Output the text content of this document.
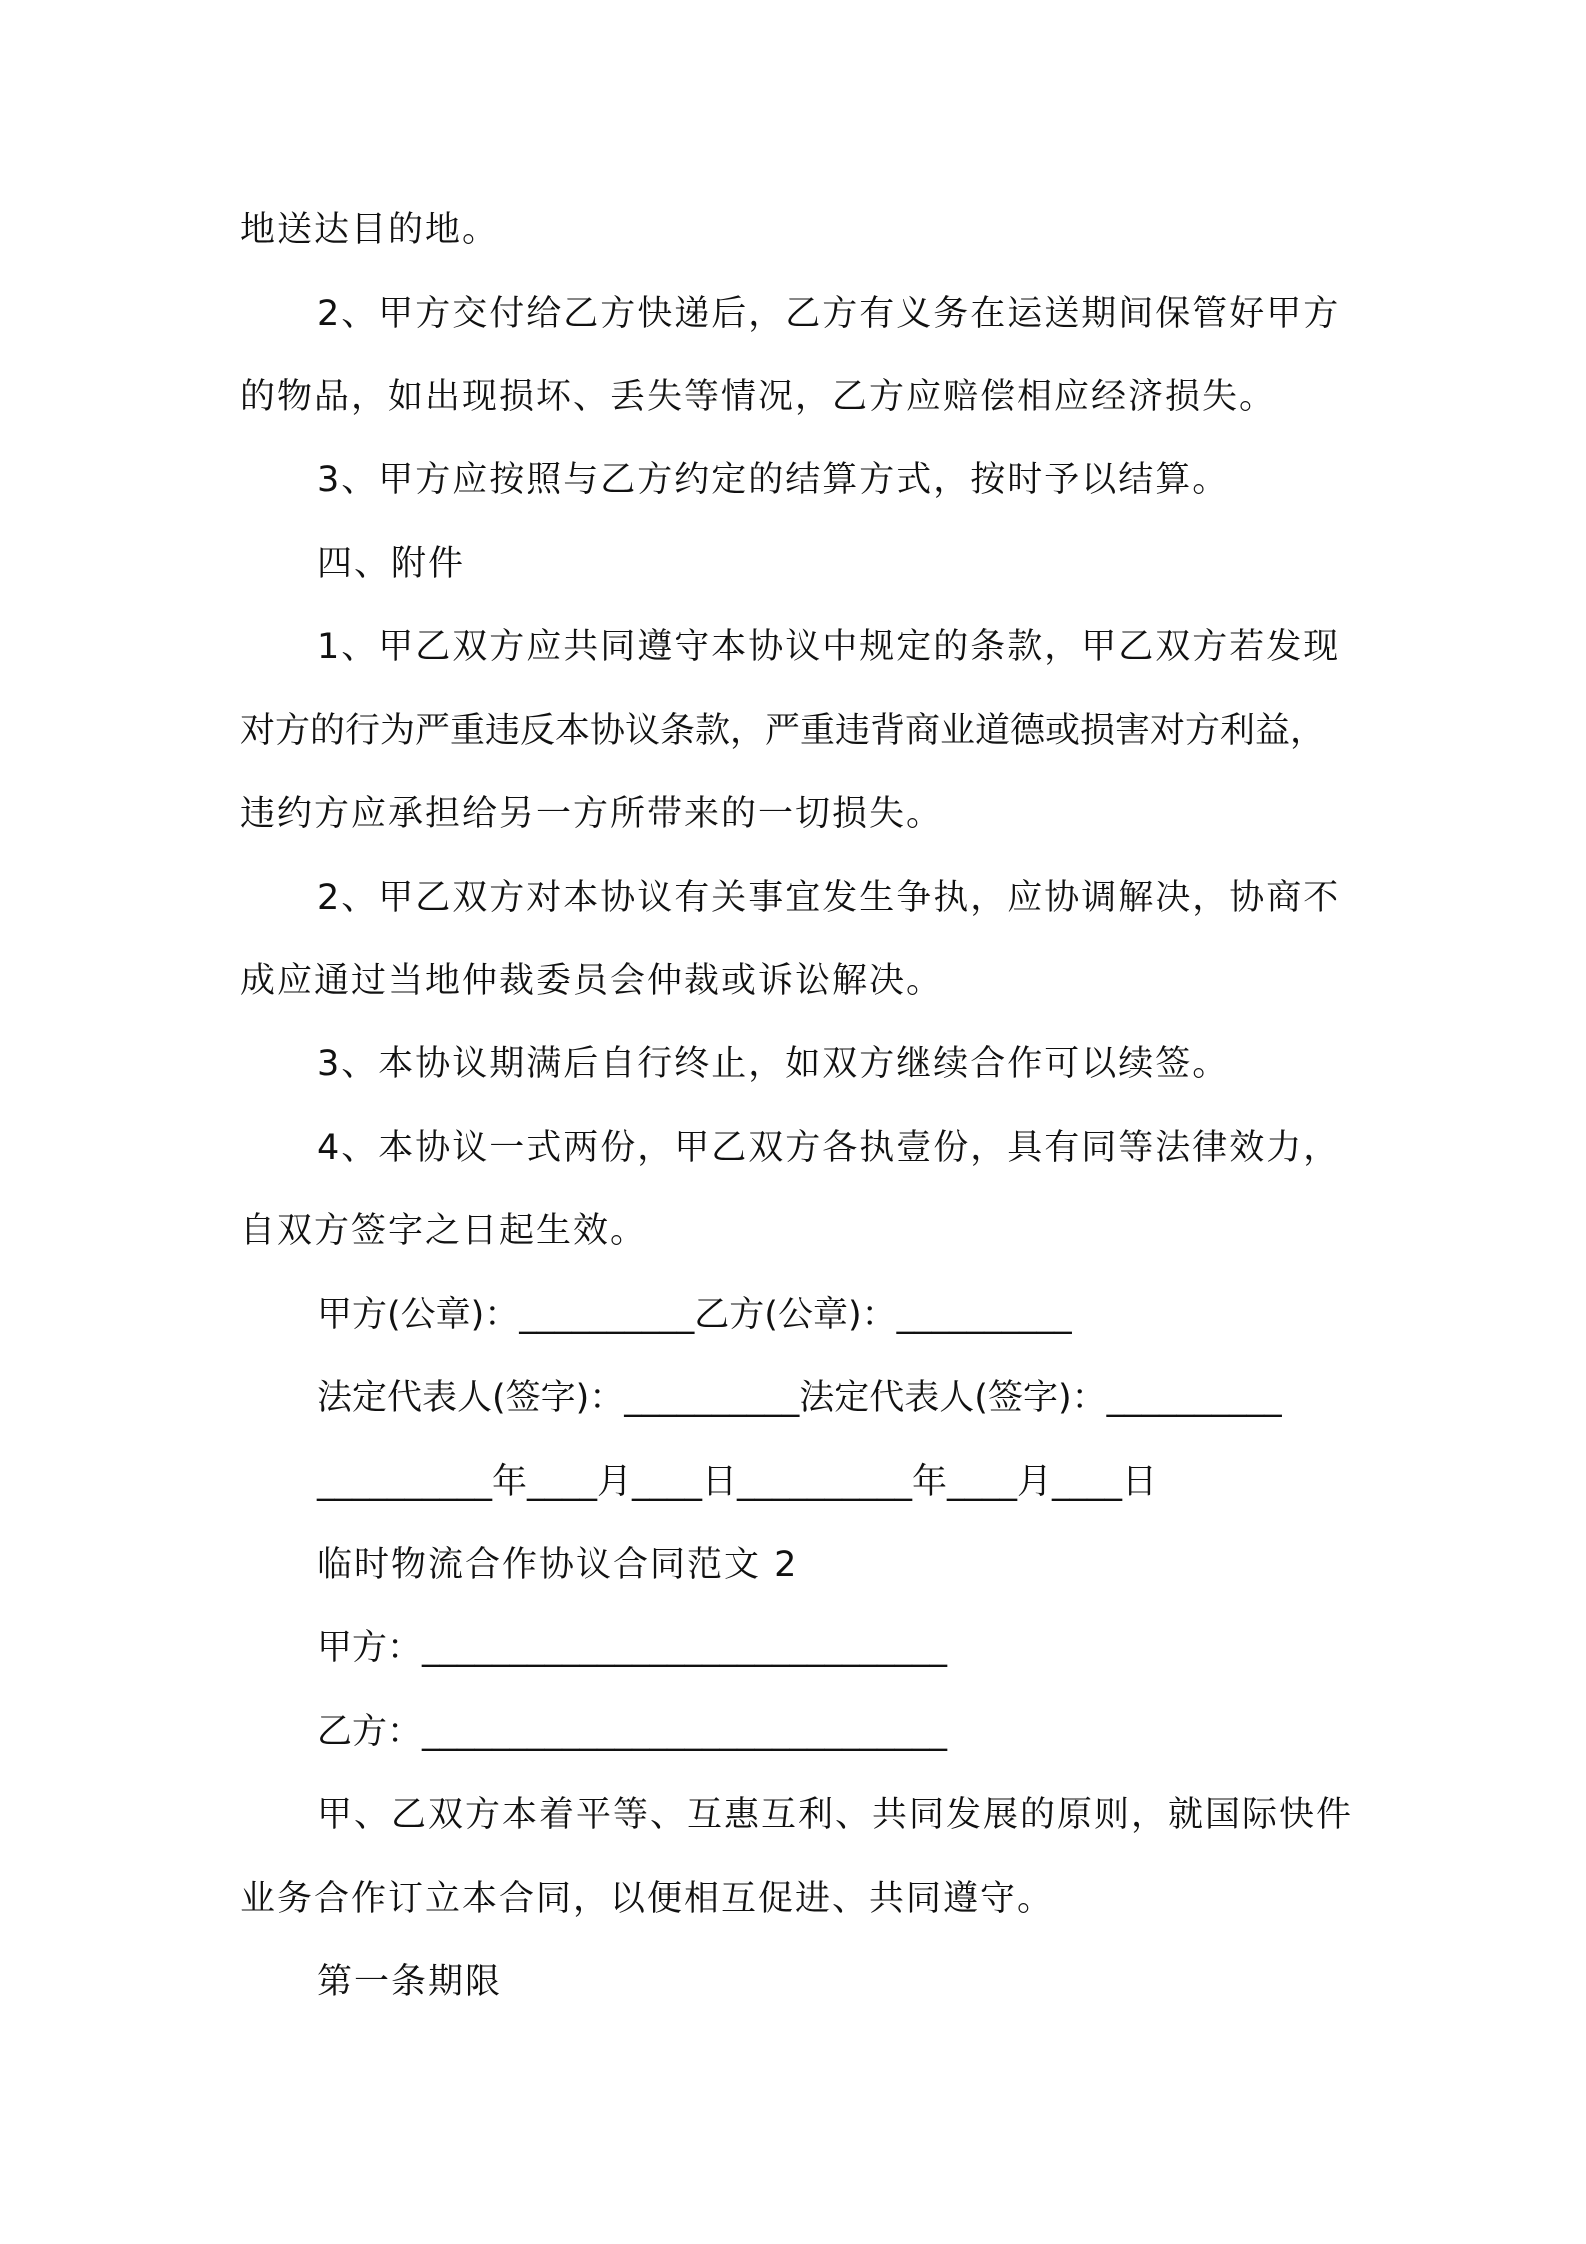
地送达目的地。
2、甲方交付给乙方快递后，乙方有义务在运送期间保管好甲方
的物品，如出现损坏、丢失等情况，乙方应赔偿相应经济损失。
3、甲方应按照与乙方约定的结算方式，按时予以结算。
四、附件
1、甲乙双方应共同遵守本协议中规定的条款，甲乙双方若发现
对方的行为严重违反本协议条款，严重违背商业道德或损害对方利益，
违约方应承担给另一方所带来的一切损失。
2、甲乙双方对本协议有关事宜发生争执，应协调解决，协商不
成应通过当地仲裁委员会仲裁或诉讼解决。
3、本协议期满后自行终止，如双方继续合作可以续签。
4、本协议一式两份，甲乙双方各执壹份，具有同等法律效力，
自双方签字之日起生效。
甲方(公章)：__________乙方(公章)：__________
法定代表人(签字)：__________法定代表人(签字)：__________
__________年____月____日__________年____月____日
临时物流合作协议合同范文 2
甲方：______________________________
乙方：______________________________
甲、乙双方本着平等、互惠互利、共同发展的原则，就国际快件
业务合作订立本合同，以便相互促进、共同遵守。
第一条期限
